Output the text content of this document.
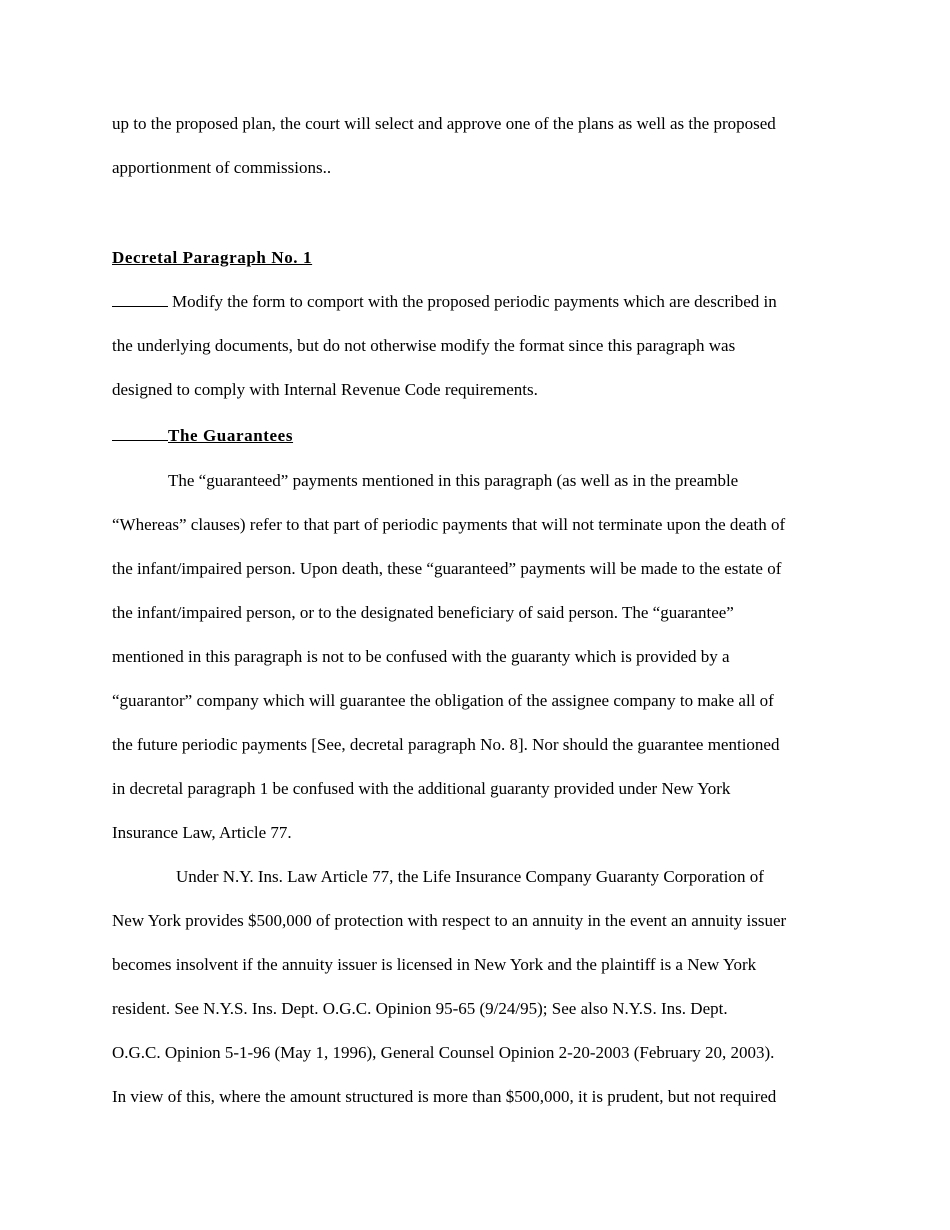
up to the proposed plan, the court will select and approve one of the plans as well as the proposed
apportionment of commissions..
Decretal Paragraph No. 1
Modify the form to comport with the proposed periodic payments which are described in
the underlying documents, but do not otherwise modify the format since this paragraph was
designed to comply with Internal Revenue Code requirements.
The Guarantees
The “guaranteed” payments mentioned in this paragraph (as well as in the preamble
“Whereas” clauses) refer to that part of periodic payments that will not terminate upon the death of
the infant/impaired person. Upon death, these “guaranteed” payments will be made to the estate of
the infant/impaired person, or to the designated beneficiary of said person. The “guarantee”
mentioned in this paragraph is not to be confused with the guaranty which is provided by a
“guarantor” company which will guarantee the obligation of the assignee company to make all of
the future periodic payments [See, decretal paragraph No. 8]. Nor should the guarantee mentioned
in decretal paragraph 1 be confused with the additional guaranty provided under New York
Insurance Law, Article 77.
Under N.Y. Ins. Law Article 77, the Life Insurance Company Guaranty Corporation of
New York provides $500,000 of protection with respect to an annuity in the event an annuity issuer
becomes insolvent if the annuity issuer is licensed in New York and the plaintiff is a New York
resident. See N.Y.S. Ins. Dept. O.G.C. Opinion 95-65 (9/24/95); See also N.Y.S. Ins. Dept.
O.G.C. Opinion 5-1-96 (May 1, 1996), General Counsel Opinion 2-20-2003 (February 20, 2003).
In view of this, where the amount structured is more than $500,000, it is prudent, but not required
